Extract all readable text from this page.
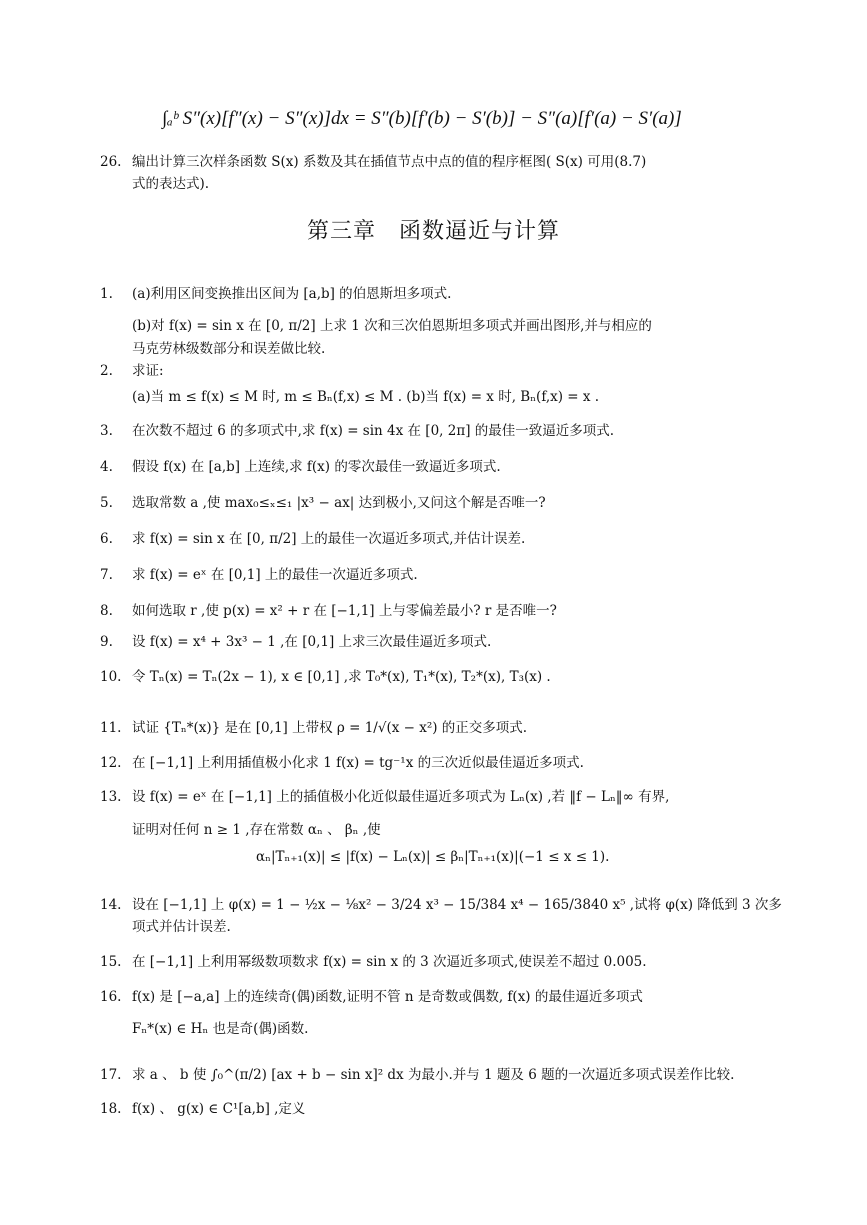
∫ₐᵇ S″(x)[f″(x) − S″(x)]dx = S″(b)[f′(b) − S′(b)] − S″(a)[f′(a) − S′(a)]
26. 编出计算三次样条函数 S(x) 系数及其在插值节点中点的值的程序框图( S(x) 可用(8.7)
式的表达式).
第三章　函数逼近与计算
1.	(a)利用区间变换推出区间为 [a,b] 的伯恩斯坦多项式.
(b)对 f(x) = sin x 在 [0, π/2] 上求 1 次和三次伯恩斯坦多项式并画出图形,并与相应的
马克劳林级数部分和误差做比较.
2.	求证:
(a)当 m ≤ f(x) ≤ M 时, m ≤ Bₙ(f,x) ≤ M . (b)当 f(x) = x 时, Bₙ(f,x) = x .
3.	在次数不超过 6 的多项式中,求 f(x) = sin 4x 在 [0, 2π] 的最佳一致逼近多项式.
4.	假设 f(x) 在 [a,b] 上连续,求 f(x) 的零次最佳一致逼近多项式.
5.	选取常数 a ,使 max₀≤ₓ≤₁ |x³ − ax| 达到极小,又问这个解是否唯一?
6.	求 f(x) = sin x 在 [0, π/2] 上的最佳一次逼近多项式,并估计误差.
7.	求 f(x) = eˣ 在 [0,1] 上的最佳一次逼近多项式.
8.	如何选取 r ,使 p(x) = x² + r 在 [−1,1] 上与零偏差最小? r 是否唯一?
9.	设 f(x) = x⁴ + 3x³ − 1 ,在 [0,1] 上求三次最佳逼近多项式.
10. 令 Tₙ(x) = Tₙ(2x − 1), x ∈ [0,1] ,求 T₀*(x), T₁*(x), T₂*(x), T₃(x) .
11. 试证 {Tₙ*(x)} 是在 [0,1] 上带权 ρ = 1/√(x − x²) 的正交多项式.
12. 在 [−1,1] 上利用插值极小化求 1 f(x) = tg⁻¹x 的三次近似最佳逼近多项式.
13. 设 f(x) = eˣ 在 [−1,1] 上的插值极小化近似最佳逼近多项式为 Lₙ(x) ,若 ‖f − Lₙ‖∞ 有界,
证明对任何 n ≥ 1 ,存在常数 αₙ 、 βₙ ,使
αₙ|Tₙ₊₁(x)| ≤ |f(x) − Lₙ(x)| ≤ βₙ|Tₙ₊₁(x)|(−1 ≤ x ≤ 1).
14. 设在 [−1,1] 上 φ(x) = 1 − ½x − ⅛x² − 3/24 x³ − 15/384 x⁴ − 165/3840 x⁵ ,试将 φ(x) 降低到 3 次多
项式并估计误差.
15. 在 [−1,1] 上利用幂级数项数求 f(x) = sin x 的 3 次逼近多项式,使误差不超过 0.005.
16. f(x) 是 [−a,a] 上的连续奇(偶)函数,证明不管 n 是奇数或偶数, f(x) 的最佳逼近多项式
Fₙ*(x) ∈ Hₙ 也是奇(偶)函数.
17. 求 a 、 b 使 ∫₀^(π/2) [ax + b − sin x]² dx 为最小.并与 1 题及 6 题的一次逼近多项式误差作比较.
18. f(x) 、 g(x) ∈ C¹[a,b] ,定义
